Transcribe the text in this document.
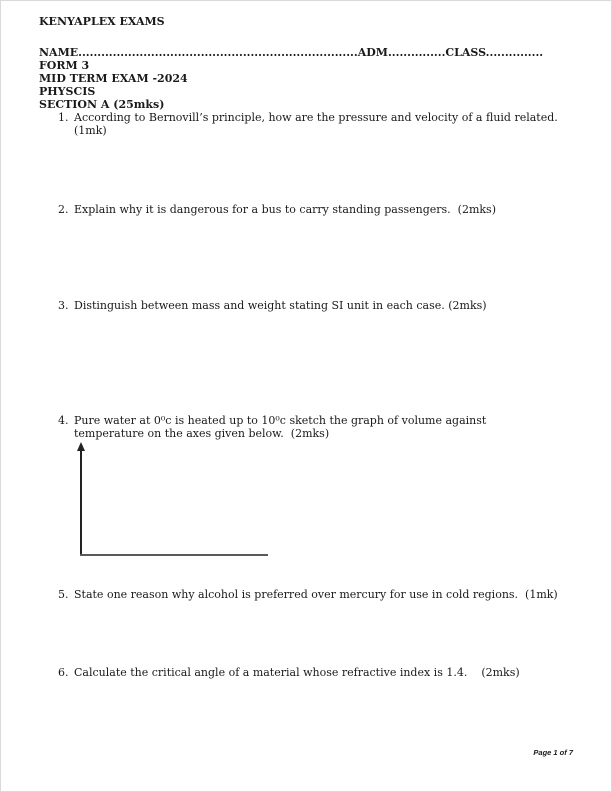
KENYAPLEX EXAMS
NAME.........................................................................ADM...............CLASS...............
FORM 3
MID TERM EXAM -2024
PHYSCIS
SECTION A (25mks)
1. According to Bernovill’s principle, how are the pressure and velocity of a fluid related.
(1mk)
2. Explain why it is dangerous for a bus to carry standing passengers.  (2mks)
3. Distinguish between mass and weight stating SI unit in each case. (2mks)
4. Pure water at 0⁰c is heated up to 10⁰c sketch the graph of volume against
temperature on the axes given below.  (2mks)
5. State one reason why alcohol is preferred over mercury for use in cold regions.  (1mk)
6. Calculate the critical angle of a material whose refractive index is 1.4.    (2mks)
Page 1 of 7
